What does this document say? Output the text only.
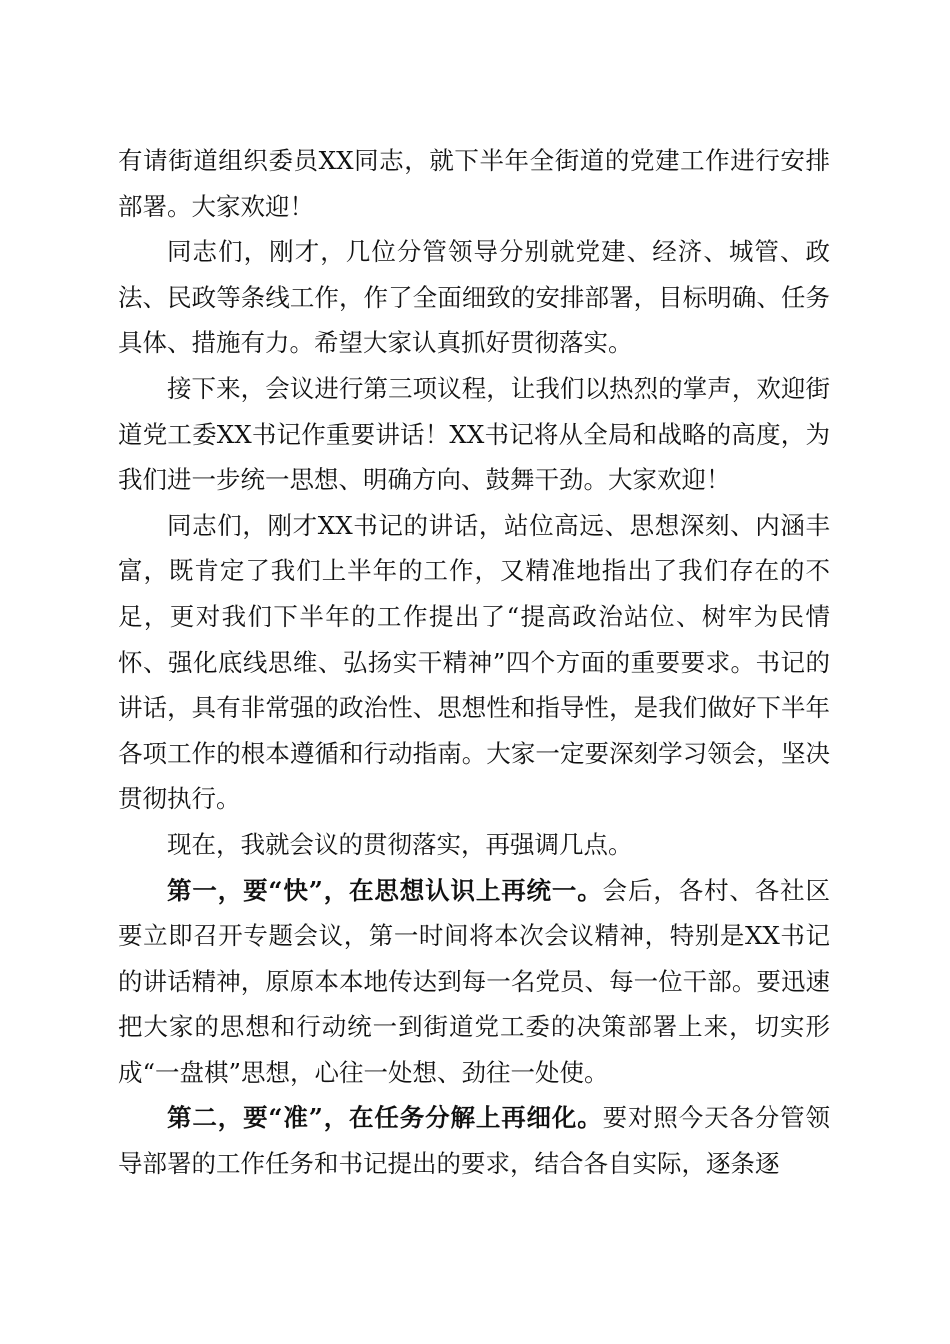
有请街道组织委员XX同志，就下半年全街道的党建工作进行安排部署。大家欢迎！

同志们，刚才，几位分管领导分别就党建、经济、城管、政法、民政等条线工作，作了全面细致的安排部署，目标明确、任务具体、措施有力。希望大家认真抓好贯彻落实。

接下来，会议进行第三项议程，让我们以热烈的掌声，欢迎街道党工委XX书记作重要讲话！XX书记将从全局和战略的高度，为我们进一步统一思想、明确方向、鼓舞干劲。大家欢迎！

同志们，刚才XX书记的讲话，站位高远、思想深刻、内涵丰富，既肯定了我们上半年的工作，又精准地指出了我们存在的不足，更对我们下半年的工作提出了“提高政治站位、树牢为民情怀、强化底线思维、弘扬实干精神”四个方面的重要要求。书记的讲话，具有非常强的政治性、思想性和指导性，是我们做好下半年各项工作的根本遵循和行动指南。大家一定要深刻学习领会，坚决贯彻执行。

现在，我就会议的贯彻落实，再强调几点。

第一，要“快”，在思想认识上再统一。会后，各村、各社区要立即召开专题会议，第一时间将本次会议精神，特别是XX书记的讲话精神，原原本本地传达到每一名党员、每一位干部。要迅速把大家的思想和行动统一到街道党工委的决策部署上来，切实形成“一盘棋”思想，心往一处想、劲往一处使。

第二，要“准”，在任务分解上再细化。要对照今天各分管领导部署的工作任务和书记提出的要求，结合各自实际，逐条逐
